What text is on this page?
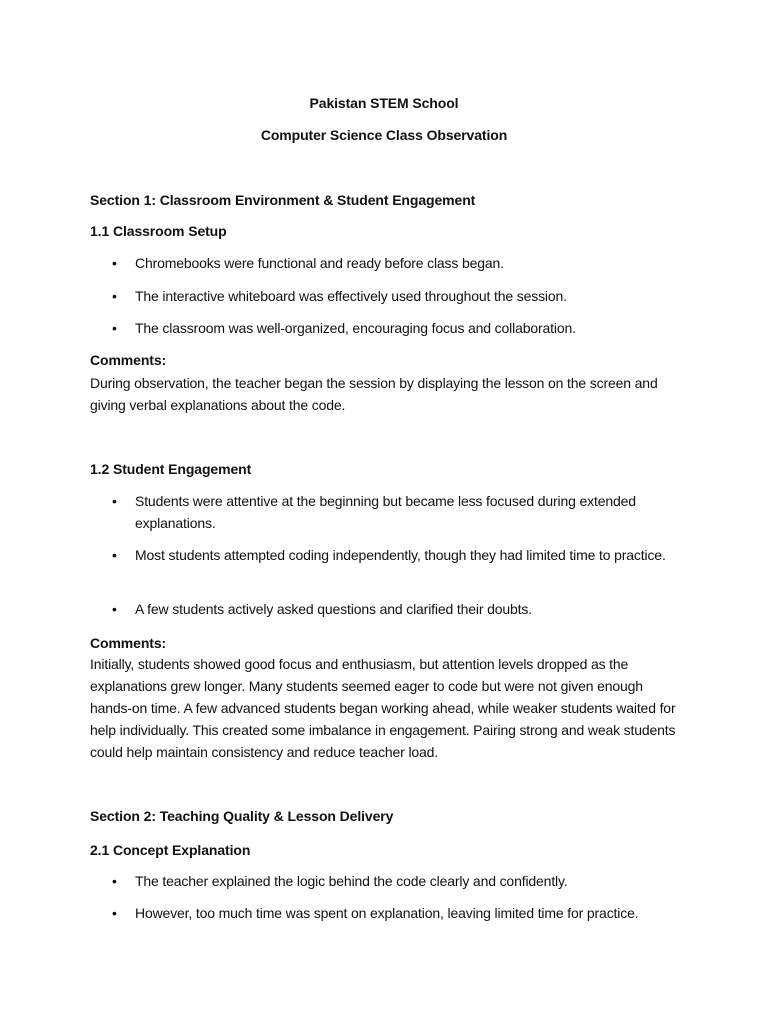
Pakistan STEM School
Computer Science Class Observation
Section 1: Classroom Environment & Student Engagement
1.1 Classroom Setup
• Chromebooks were functional and ready before class began.
• The interactive whiteboard was effectively used throughout the session.
• The classroom was well-organized, encouraging focus and collaboration.
Comments:
During observation, the teacher began the session by displaying the lesson on the screen and giving verbal explanations about the code.
1.2 Student Engagement
• Students were attentive at the beginning but became less focused during extended explanations.
• Most students attempted coding independently, though they had limited time to practice.
• A few students actively asked questions and clarified their doubts.
Comments:
Initially, students showed good focus and enthusiasm, but attention levels dropped as the explanations grew longer. Many students seemed eager to code but were not given enough hands-on time. A few advanced students began working ahead, while weaker students waited for help individually. This created some imbalance in engagement. Pairing strong and weak students could help maintain consistency and reduce teacher load.
Section 2: Teaching Quality & Lesson Delivery
2.1 Concept Explanation
• The teacher explained the logic behind the code clearly and confidently.
• However, too much time was spent on explanation, leaving limited time for practice.
